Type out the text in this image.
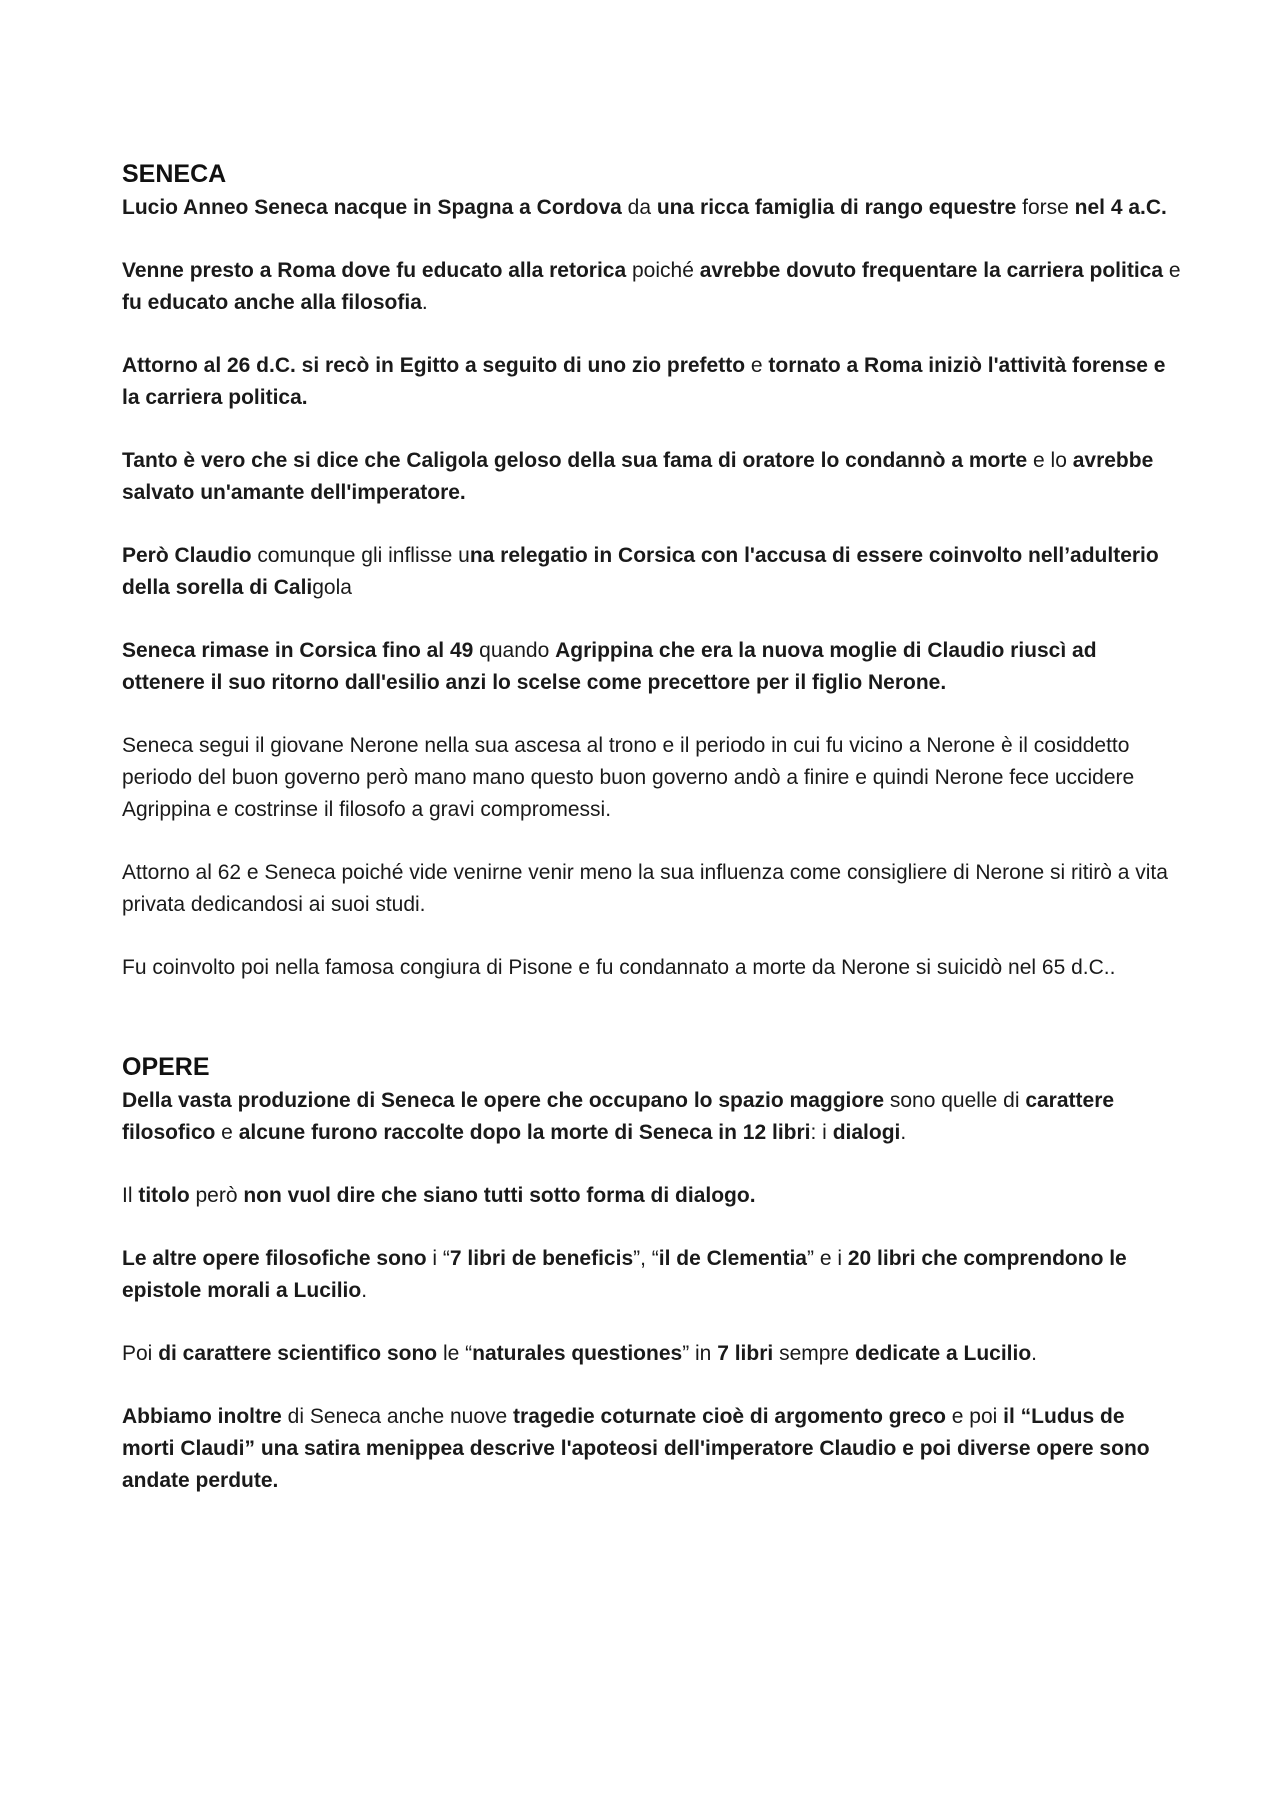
SENECA

Lucio Anneo Seneca nacque in Spagna a Cordova da una ricca famiglia di rango equestre forse nel 4 a.C.

Venne presto a Roma dove fu educato alla retorica poiché avrebbe dovuto frequentare la carriera politica e fu educato anche alla filosofia.

Attorno al 26 d.C. si recò in Egitto a seguito di uno zio prefetto e tornato a Roma iniziò l'attività forense e la carriera politica.

Tanto è vero che si dice che Caligola geloso della sua fama di oratore lo condannò a morte e lo avrebbe salvato un'amante dell'imperatore.

Però Claudio comunque gli inflisse una relegatio in Corsica con l'accusa di essere coinvolto nell’adulterio della sorella di Caligola

Seneca rimase in Corsica fino al 49 quando Agrippina che era la nuova moglie di Claudio riuscì ad ottenere il suo ritorno dall'esilio anzi lo scelse come precettore per il figlio Nerone.

Seneca segui il giovane Nerone nella sua ascesa al trono e il periodo in cui fu vicino a Nerone è il cosiddetto periodo del buon governo però mano mano questo buon governo andò a finire e quindi Nerone fece uccidere Agrippina e costrinse il filosofo a gravi compromessi.

Attorno al 62 e Seneca poiché vide venirne venir meno la sua influenza come consigliere di Nerone si ritirò a vita privata dedicandosi ai suoi studi.

Fu coinvolto poi nella famosa congiura di Pisone e fu condannato a morte da Nerone si suicidò nel 65 d.C..

OPERE

Della vasta produzione di Seneca le opere che occupano lo spazio maggiore sono quelle di carattere filosofico e alcune furono raccolte dopo la morte di Seneca in 12 libri: i dialogi.

Il titolo però non vuol dire che siano tutti sotto forma di dialogo.

Le altre opere filosofiche sono i “7 libri de beneficis”, “il de Clementia” e i 20 libri che comprendono le epistole morali a Lucilio.

Poi di carattere scientifico sono le “naturales questiones” in 7 libri sempre dedicate a Lucilio.

Abbiamo inoltre di Seneca anche nuove tragedie coturnate cioè di argomento greco e poi il “Ludus de morti Claudi” una satira menippea descrive l'apoteosi dell'imperatore Claudio e poi diverse opere sono andate perdute.
